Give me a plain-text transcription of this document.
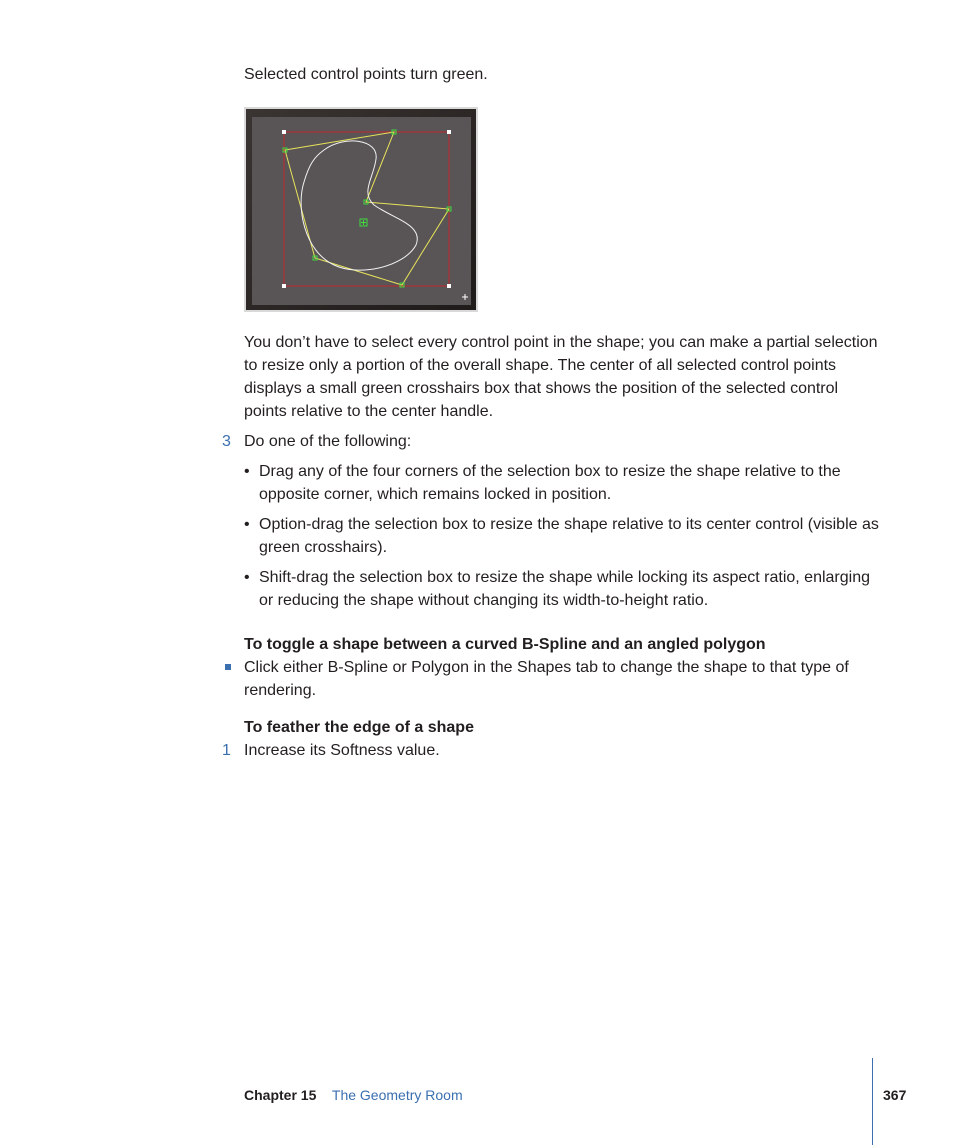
Selected control points turn green.
You don’t have to select every control point in the shape; you can make a partial selection to resize only a portion of the overall shape. The center of all selected control points displays a small green crosshairs box that shows the position of the selected control points relative to the center handle.
3 Do one of the following:
• Drag any of the four corners of the selection box to resize the shape relative to the opposite corner, which remains locked in position.
• Option-drag the selection box to resize the shape relative to its center control (visible as green crosshairs).
• Shift-drag the selection box to resize the shape while locking its aspect ratio, enlarging or reducing the shape without changing its width-to-height ratio.
To toggle a shape between a curved B-Spline and an angled polygon
Click either B-Spline or Polygon in the Shapes tab to change the shape to that type of rendering.
To feather the edge of a shape
1 Increase its Softness value.
Chapter 15 The Geometry Room	367
